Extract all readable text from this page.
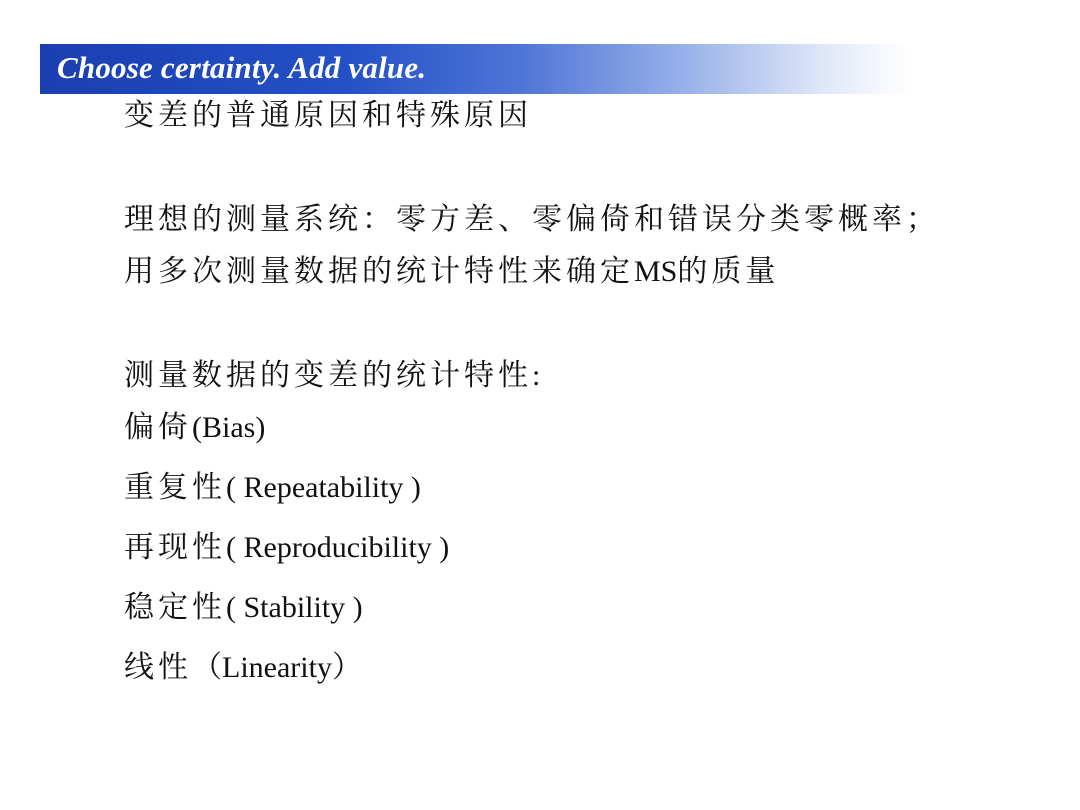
Choose certainty. Add value.
变差的普通原因和特殊原因
理想的测量系统：零方差、零偏倚和错误分类零概率；
用多次测量数据的统计特性来确定MS的质量
测量数据的变差的统计特性:
偏倚(Bias)
重复性( Repeatability )
再现性( Reproducibility )
稳定性( Stability )
线性（Linearity）
